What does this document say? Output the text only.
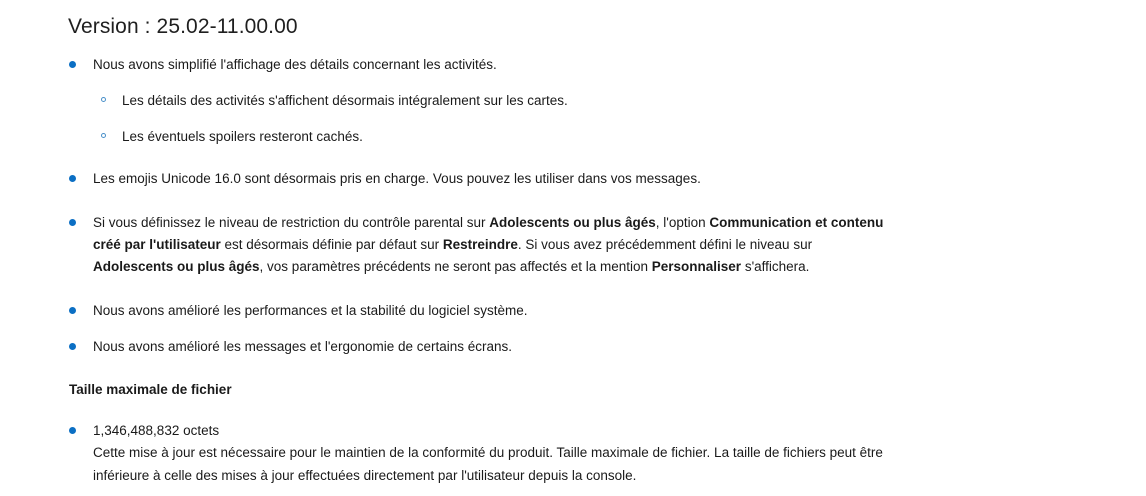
Version : 25.02-11.00.00
Nous avons simplifié l'affichage des détails concernant les activités.
Les détails des activités s'affichent désormais intégralement sur les cartes.
Les éventuels spoilers resteront cachés.
Les emojis Unicode 16.0 sont désormais pris en charge. Vous pouvez les utiliser dans vos messages.
Si vous définissez le niveau de restriction du contrôle parental sur Adolescents ou plus âgés, l'option Communication et contenu créé par l'utilisateur est désormais définie par défaut sur Restreindre. Si vous avez précédemment défini le niveau sur Adolescents ou plus âgés, vos paramètres précédents ne seront pas affectés et la mention Personnaliser s'affichera.
Nous avons amélioré les performances et la stabilité du logiciel système.
Nous avons amélioré les messages et l'ergonomie de certains écrans.
Taille maximale de fichier
1,346,488,832 octets
Cette mise à jour est nécessaire pour le maintien de la conformité du produit. Taille maximale de fichier. La taille de fichiers peut être inférieure à celle des mises à jour effectuées directement par l'utilisateur depuis la console.
